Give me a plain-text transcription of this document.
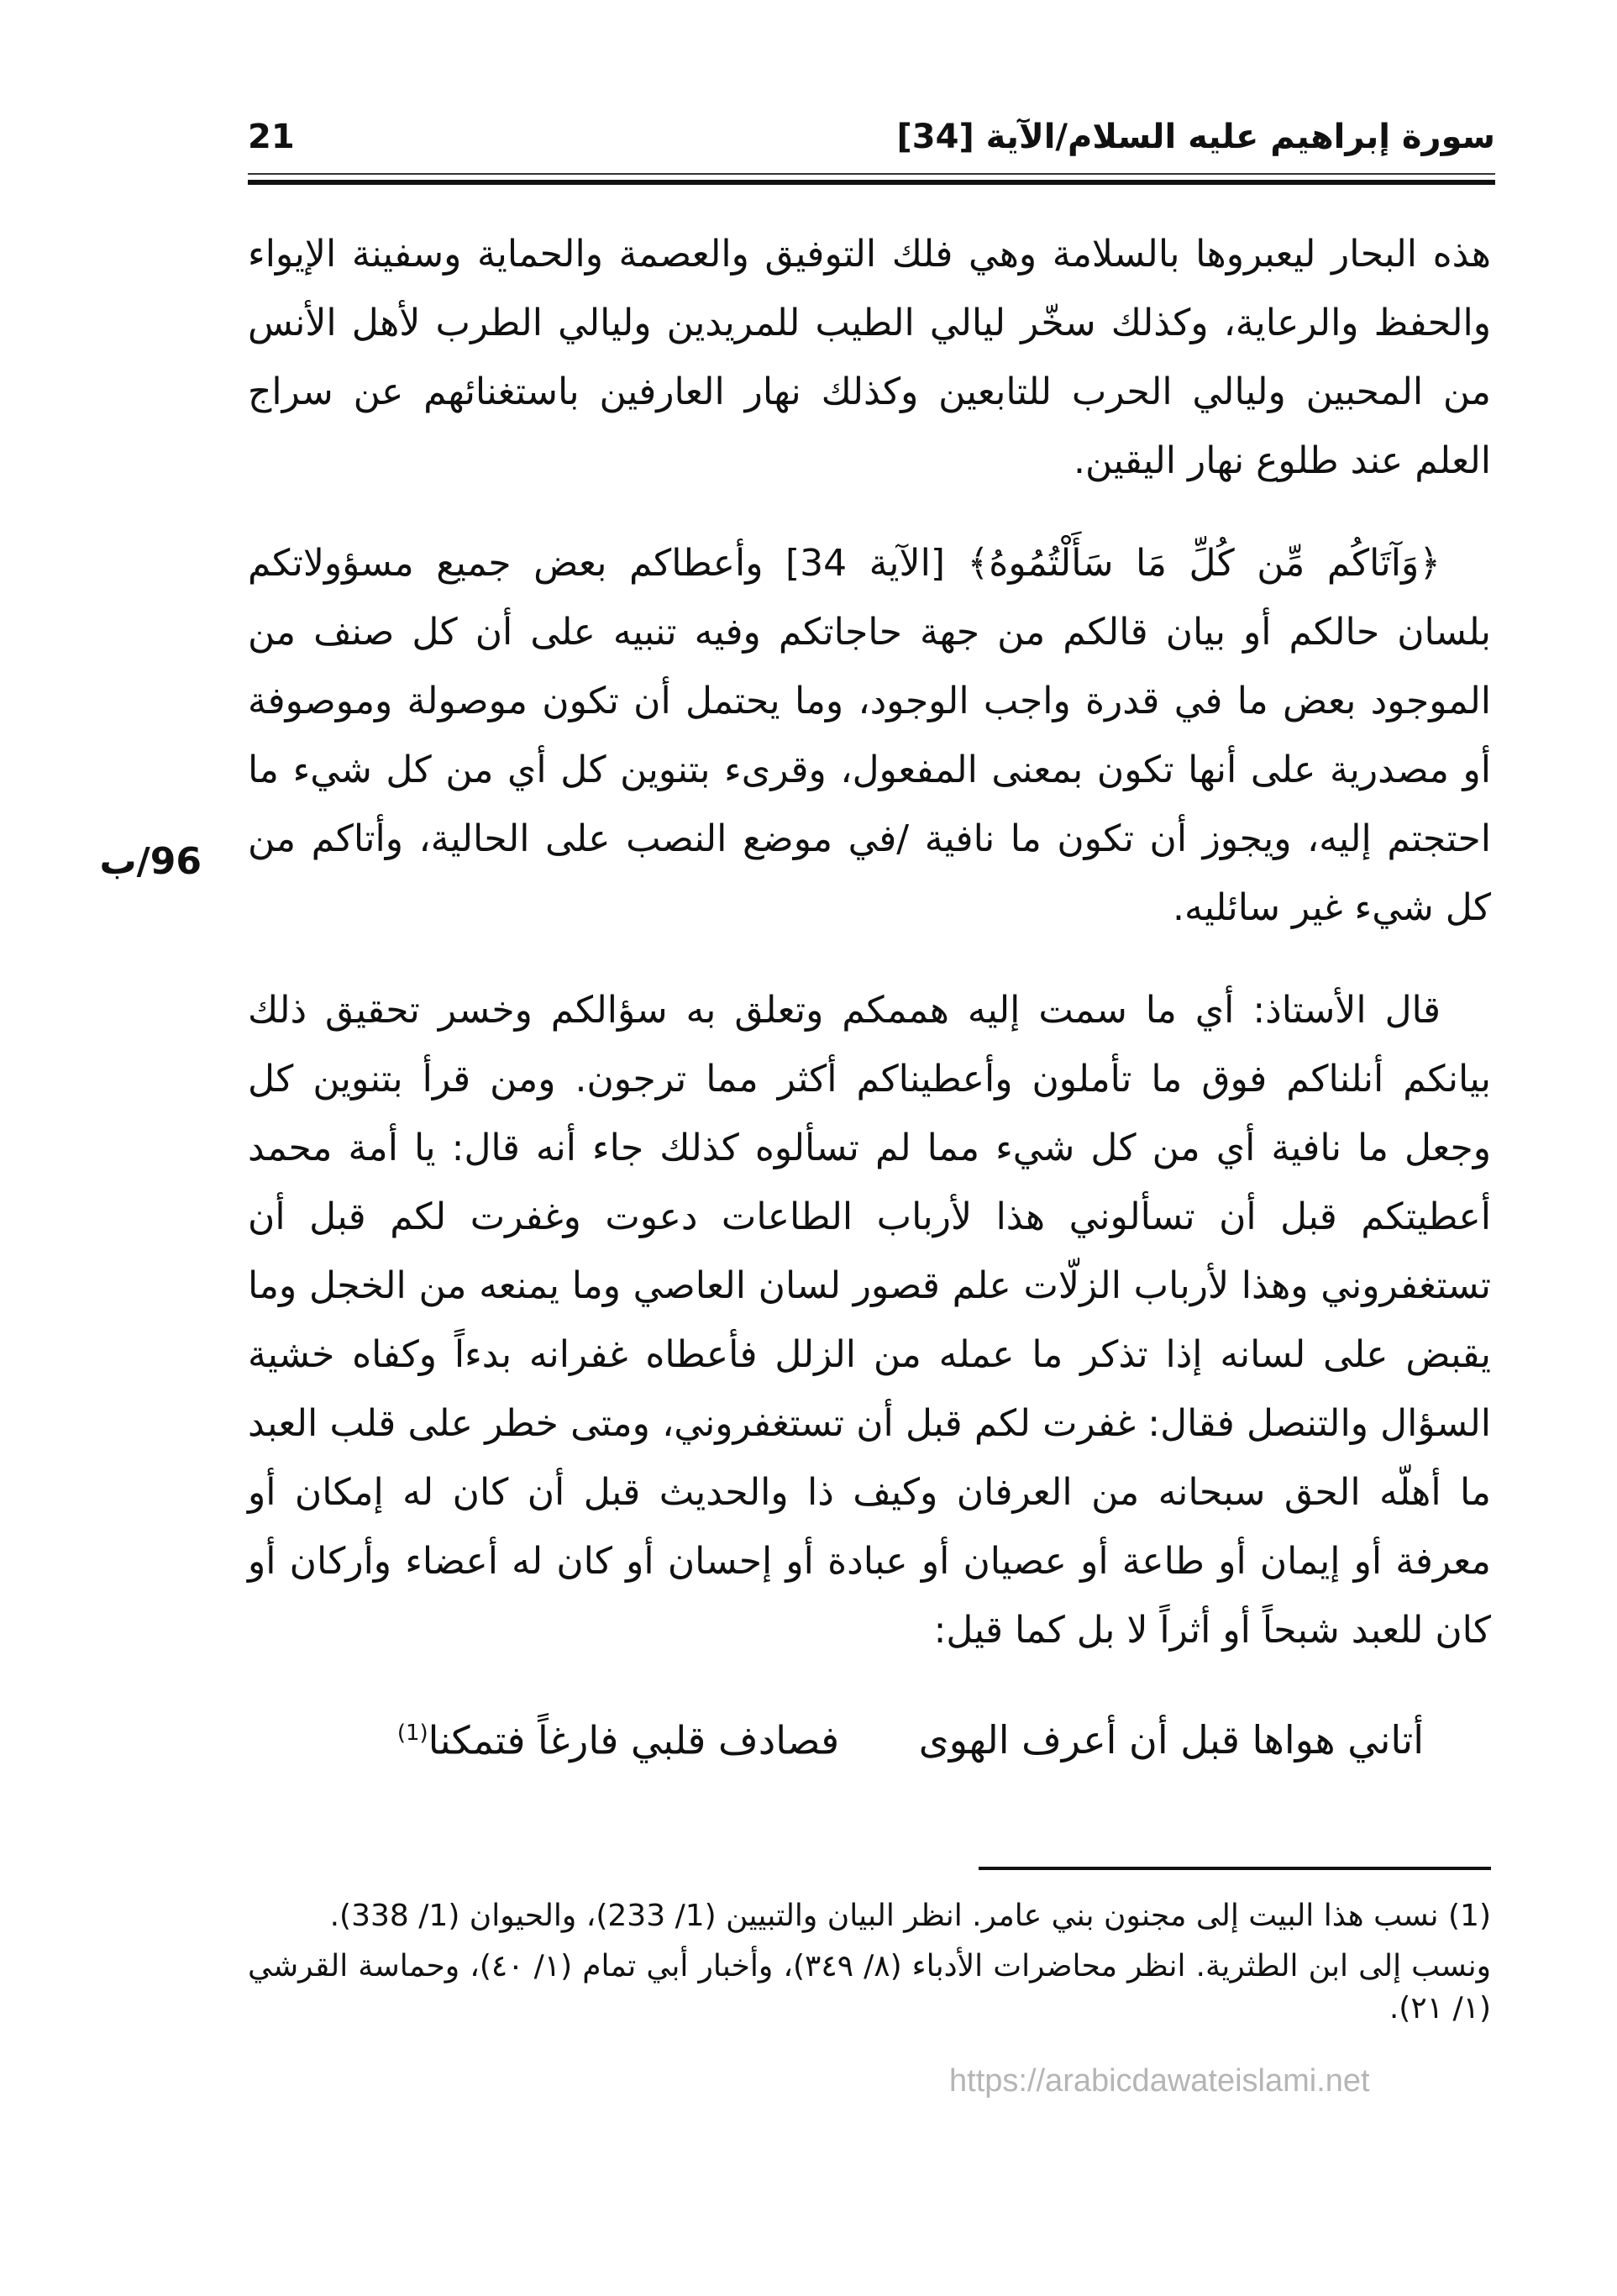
سورة إبراهيم عليه السلام/الآية [34]
21
96/ب

هذه البحار ليعبروها بالسلامة وهي فلك التوفيق والعصمة والحماية وسفينة الإيواء والحفظ والرعاية، وكذلك سخّر ليالي الطيب للمريدين وليالي الطرب لأهل الأنس من المحبين وليالي الحرب للتابعين وكذلك نهار العارفين باستغنائهم عن سراج العلم عند طلوع نهار اليقين.

﴿وَآتَاكُم مِّن كُلِّ مَا سَأَلْتُمُوهُ﴾ [الآية 34] وأعطاكم بعض جميع مسؤولاتكم بلسان حالكم أو بيان قالكم من جهة حاجاتكم وفيه تنبيه على أن كل صنف من الموجود بعض ما في قدرة واجب الوجود، وما يحتمل أن تكون موصولة وموصوفة أو مصدرية على أنها تكون بمعنى المفعول، وقرىء بتنوين كل أي من كل شيء ما احتجتم إليه، ويجوز أن تكون ما نافية /في موضع النصب على الحالية، وأتاكم من كل شيء غير سائليه.

قال الأستاذ: أي ما سمت إليه هممكم وتعلق به سؤالكم وخسر تحقيق ذلك بيانكم أنلناكم فوق ما تأملون وأعطيناكم أكثر مما ترجون. ومن قرأ بتنوين كل وجعل ما نافية أي من كل شيء مما لم تسألوه كذلك جاء أنه قال: يا أمة محمد أعطيتكم قبل أن تسألوني هذا لأرباب الطاعات دعوت وغفرت لكم قبل أن تستغفروني وهذا لأرباب الزلّات علم قصور لسان العاصي وما يمنعه من الخجل وما يقبض على لسانه إذا تذكر ما عمله من الزلل فأعطاه غفرانه بدءاً وكفاه خشية السؤال والتنصل فقال: غفرت لكم قبل أن تستغفروني، ومتى خطر على قلب العبد ما أهلّه الحق سبحانه من العرفان وكيف ذا والحديث قبل أن كان له إمكان أو معرفة أو إيمان أو طاعة أو عصيان أو عبادة أو إحسان أو كان له أعضاء وأركان أو كان للعبد شبحاً أو أثراً لا بل كما قيل:

أتاني هواها قبل أن أعرف الهوى فصادف قلبي فارغاً فتمكنا$^{(1)}$
(1) نسب هذا البيت إلى مجنون بني عامر. انظر البيان والتبيين (1/ 233)، والحيوان (1/ 338).
ونسب إلى ابن الطثرية. انظر محاضرات الأدباء (٨/ ٣٤٩)، وأخبار أبي تمام (١/ ٤٠)، وحماسة القرشي (١/ ٢١).
https://arabicdawateislami.net
